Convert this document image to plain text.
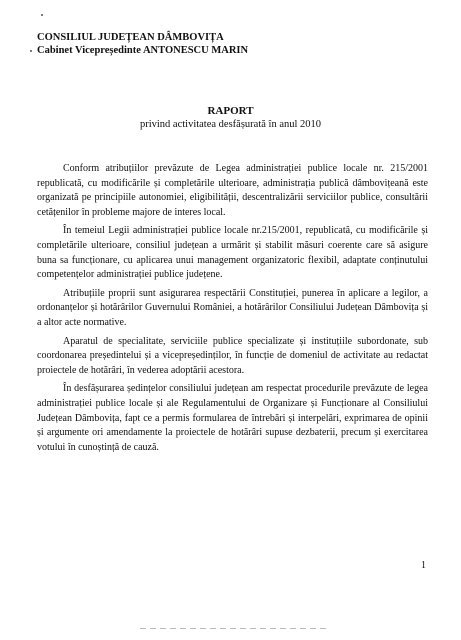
CONSILIUL JUDEȚEAN DÂMBOVIȚA
Cabinet Vicepreședinte ANTONESCU MARIN
RAPORT
privind activitatea desfășurată în anul 2010

Conform atribuțiilor prevăzute de Legea administrației publice locale nr. 215/2001 republicată, cu modificările și completările ulterioare, administrația publică dâmbovițeană este organizată pe principiile autonomiei, eligibilității, descentralizării serviciilor publice, consultării cetățenilor în probleme majore de interes local.

În temeiul Legii administrației publice locale nr.215/2001, republicată, cu modificările și completările ulterioare, consiliul județean a urmărit și stabilit măsuri coerente care să asigure buna sa funcționare, cu aplicarea unui management organizatoric flexibil, adaptate conținutului competențelor administrației publice județene.

Atribuțiile proprii sunt asigurarea respectării Constituției, punerea în aplicare a legilor, a ordonanțelor și hotărârilor Guvernului României, a hotărârilor Consiliului Județean Dâmbovița și a altor acte normative.

Aparatul de specialitate, serviciile publice specializate și instituțiile subordonate, sub coordonarea președintelui și a vicepreședinților, în funcție de domeniul de activitate au redactat proiectele de hotărâri, în vederea adoptării acestora.

În desfășurarea ședințelor consiliului județean am respectat procedurile prevăzute de legea administrației publice locale și ale Regulamentului de Organizare și Funcționare al Consiliului Județean Dâmbovița, fapt ce a permis formularea de întrebări și interpelări, exprimarea de opinii și argumente ori amendamente la proiectele de hotărâri supuse dezbaterii, precum și exercitarea votului în cunoștință de cauză.

1
